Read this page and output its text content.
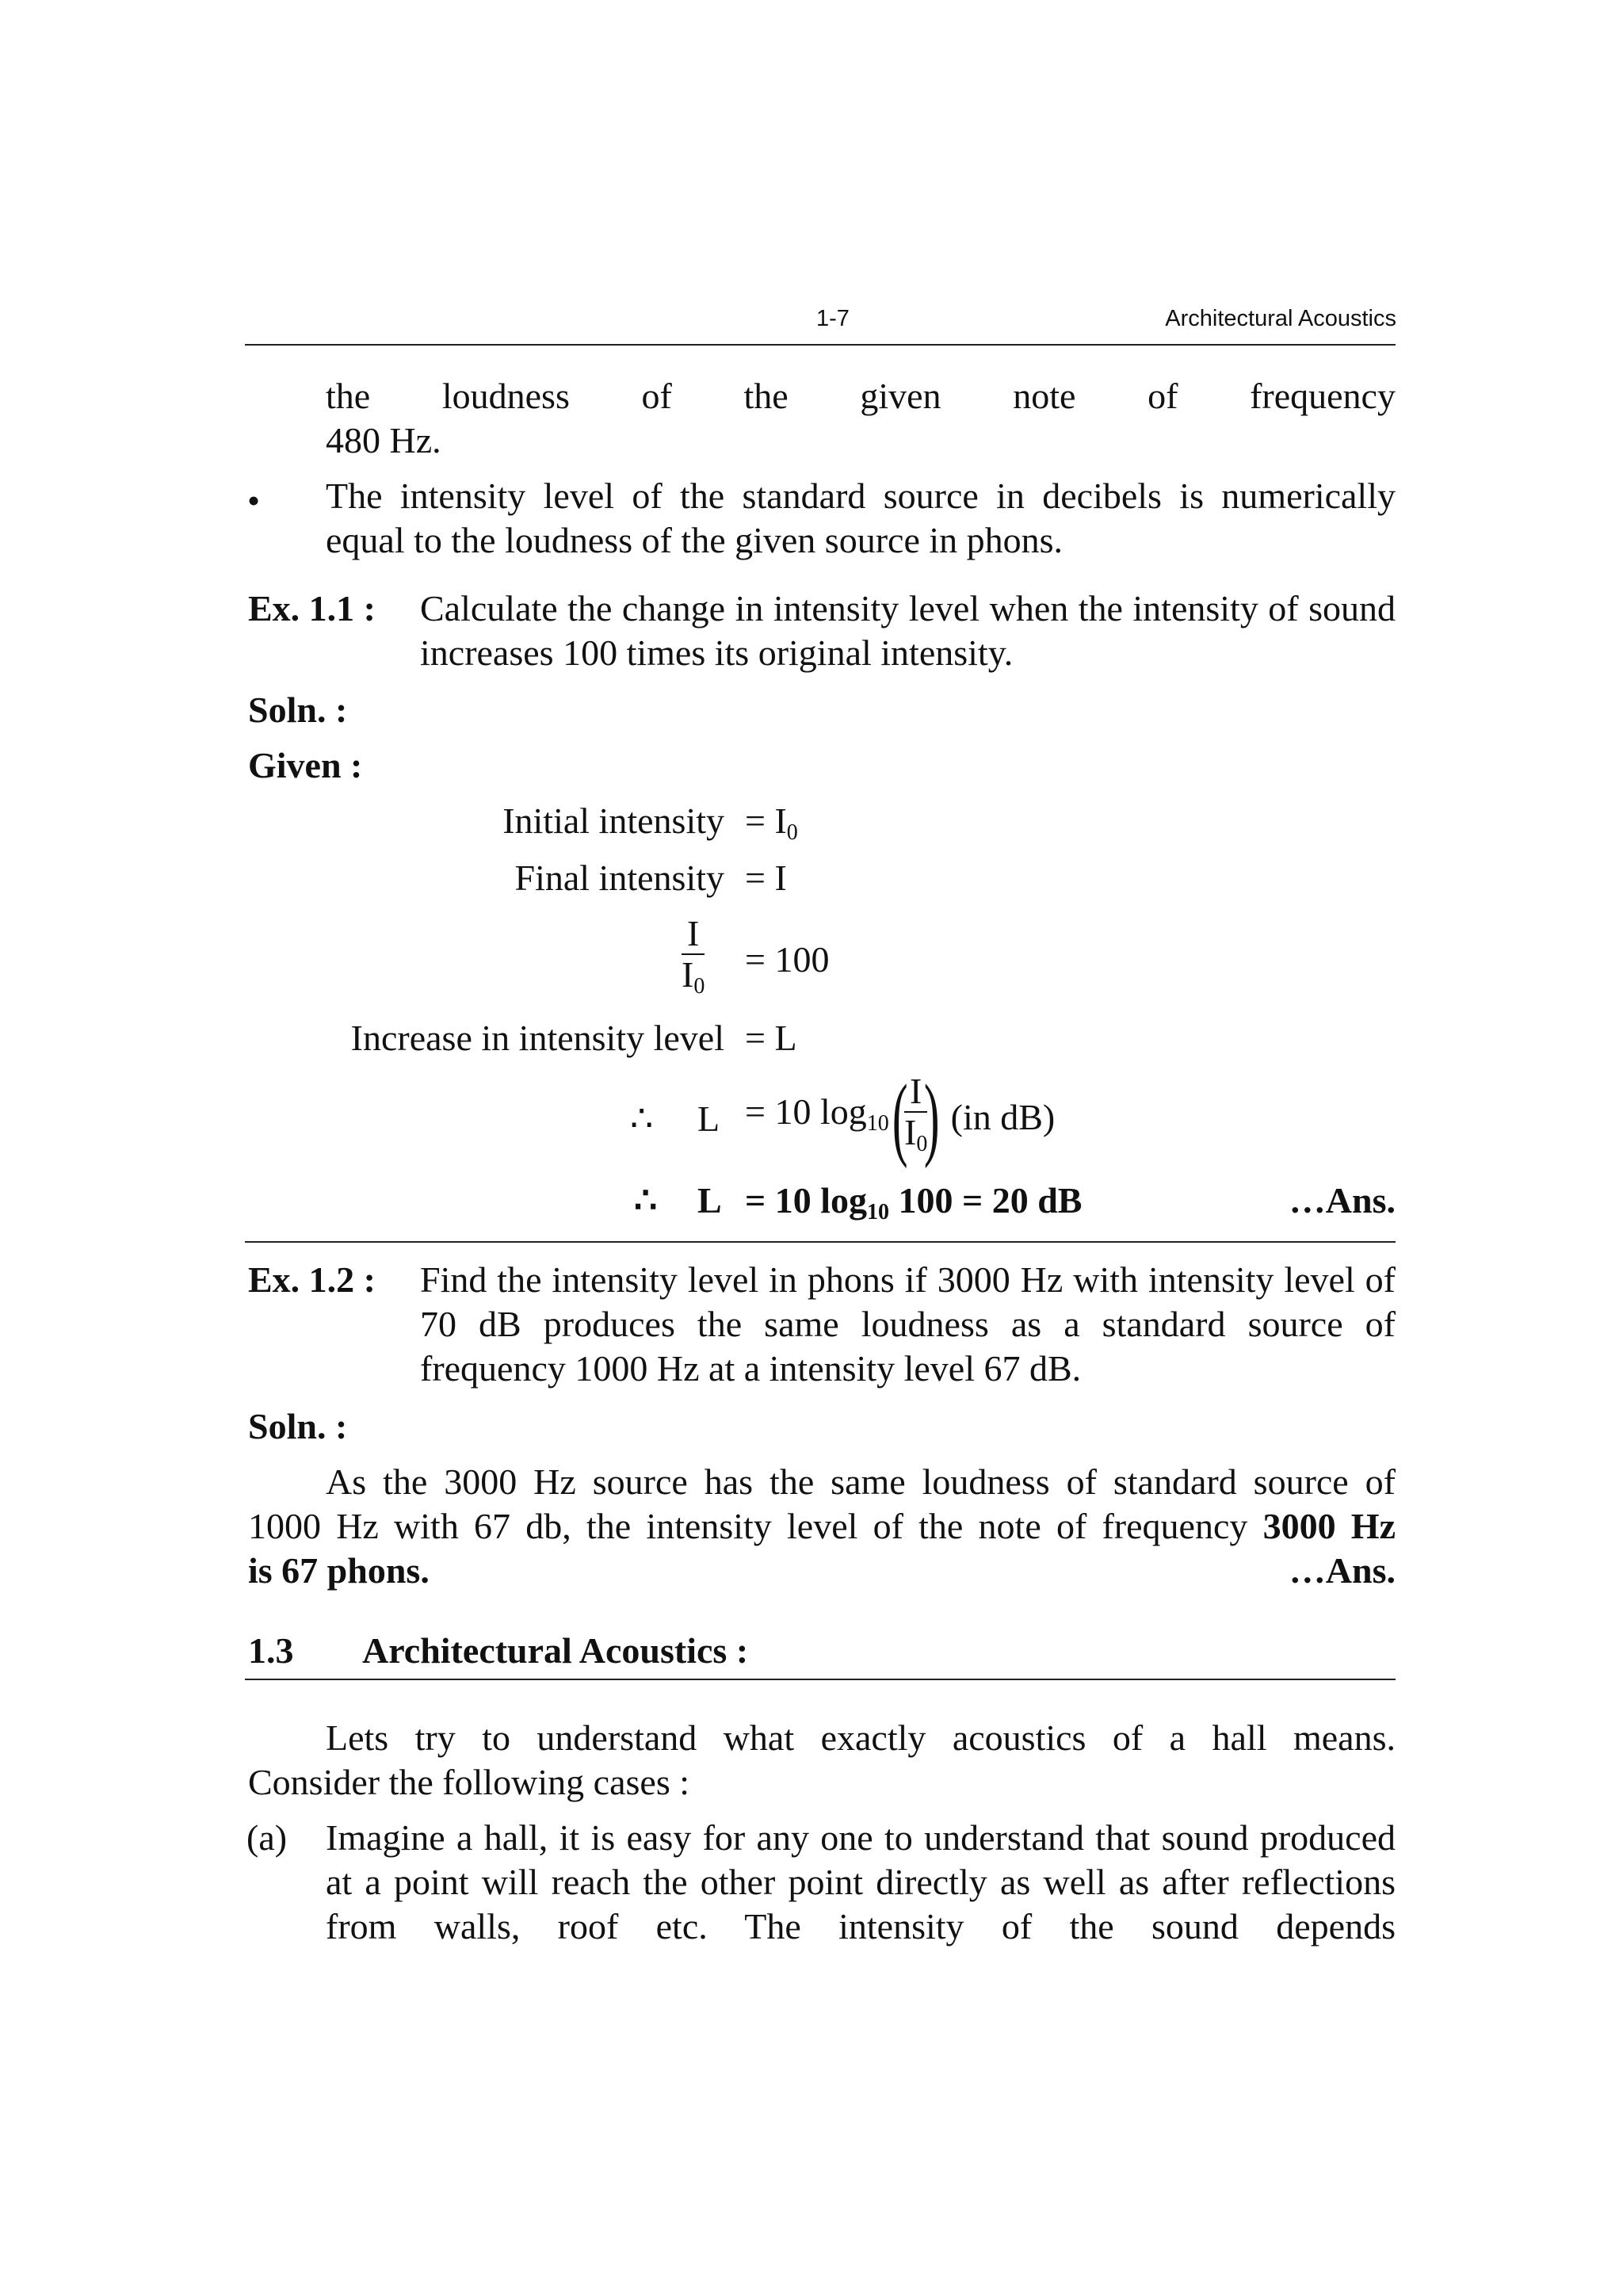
1-7	Architectural Acoustics
the loudness of the given note of frequency
480 Hz.
• The intensity level of the standard source in decibels is numerically equal to the loudness of the given source in phons.
Ex. 1.1 : Calculate the change in intensity level when the intensity of sound increases 100 times its original intensity.
Soln. :
Given :
Initial intensity = $I_0$
Final intensity = I
$\frac{I}{I_0} = 100$
Increase in intensity level = L
∴ L = 10 $\log_{10}$ (
$\frac{I}{I_0}$
) (in dB)
∴ L = 10 $\log_{10} 100 = 20$ dB	…Ans.
Ex. 1.2 : Find the intensity level in phons if 3000 Hz with intensity level of 70 dB produces the same loudness as a standard source of frequency 1000 Hz at a intensity level 67 dB.
Soln. :
As the 3000 Hz source has the same loudness of standard source of
1000 Hz with 67 db, the intensity level of the note of frequency 3000 Hz
is 67 phons.	…Ans.
1.3 Architectural Acoustics :
Lets try to understand what exactly acoustics of a hall means.
Consider the following cases :
(a) Imagine a hall, it is easy for any one to understand that sound produced at a point will reach the other point directly as well as after reflections from walls, roof etc. The intensity of the sound depends
